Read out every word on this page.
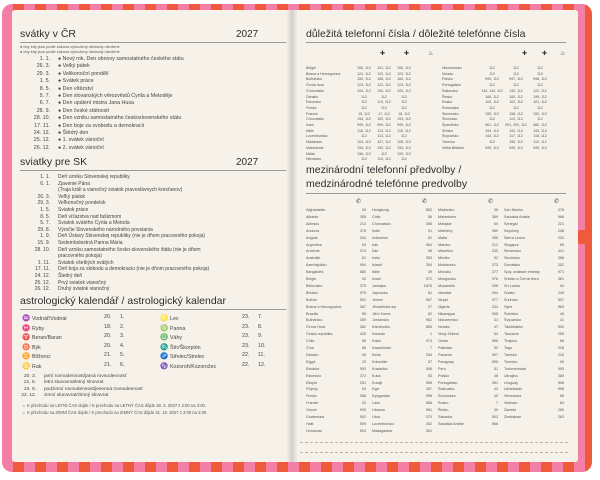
svátky v ČR	2027
● dny kdy jsou podle zákona vyloučeny obchody otevřené
● dny kdy jsou podle zákona vyloučeny obchody otevřené
1. 1. ● Nový rok, Den obnovy samostatného českého státu
26. 3. ● Velký pátek
29. 3. ● Velikonoční pondělí
1. 5. ● Svátek práce
8. 5. ● Den vítězství
5. 7. ● Den slovanských věrozvěstů Cyrila a Metoděje
6. 7. ● Den upálení mistra Jana Husa
28. 9. ● Den české státnosti
28. 10. ● Den vzniku samostatného československého státu
17. 11. ● Den boje za svobodu a demokracii
24. 12. ● Štědrý den
25. 12. ● 1. svátek vánoční
26. 12. ● 2. svátek vánoční
sviatky pre SK	2027
1. 1. Deň vzniku Slovenskej republiky
6. 1. Zjavenie Pána
(Traja králi a vianočný sviatok pravoslávnych kresťanov)
26. 3. Veľký piatok
29. 3. Veľkonočný pondelok
1. 5. Sviatok práce
8. 5. Deň víťazstva nad fašizmom
5. 7. Sviatok svätého Cyrila a Metoda
29. 8. Výročie Slovenského národného povstania
1. 9. Deň Ústavy Slovenskej republiky (nie je dňom pracovného pokoja)
15. 9. Sedembolestná Panna Mária
28. 10. Deň vzniku samostatného česko-slovenského štátu (nie je dňom
pracovného pokoja)
1. 11. Sviatok všetkých svätých
17. 11. Deň boja za slobodu a demokraciu (nie je dňom pracovného pokoja)
24. 12. Štedrý deň
25. 12. Prvý sviatok vianočný
26. 12. Druhý sviatok vianočný
astrologický kalendář / astrologický kalendar
♒ Vodnář/Vodnár	20. 1.
♓ Ryby	18. 2.
♈ Beran/Baran	20. 3.
♉ Býk	20. 4.
♊ Blíženci	21. 5.
♋ Rak	21. 6.
♌ Lev	23. 7.
♍ Panna	23. 8.
♎ Váhy	23. 9.
♏ Štír/Škorpión	23. 10.
♐ Střelec/Strelec	22. 11.
♑ Kozoroh/Kozorožec	22. 12.
20. 3. jarní rovnodennost/jarná rovnodennosť
21. 6. letní slunovrat/letný slnovrat
23. 9. podzimní rovnodennost/jesenná rovnodennosť
22. 12. zimní slunovrat/zimný slnovrat
☼ K přechodu na LETNÍ ČAS dojde / K prechodu na LETNÝ ČAS dôjde 28. 3. 2027 z 2:00 na 3:00.
☼ K přechodu na ZIMNÍ ČAS dojde / K prechodu na ZIMNÝ ČAS dôjde 31. 10. 2027 z 3:00 na 2:00.
důležitá telefonní čísla / dôležité telefónne čísla
✚	✚	♨	✚ ✚ ♨
Belgie	100, 112	101, 112	100, 112
Bosna a Hercegovina	124, 112	122, 112	123, 112
Bulharsko	150, 112	166, 112	160, 112
Černá hora	124, 112	122, 112	123, 112
Chorvatsko	194, 112	192, 112	193, 112
Dánsko	112	112	112
Estonsko	112	110, 112	112
Finsko	112	112	112
Francie	15, 112	17, 112	18, 112
Chorvatsko	194, 112	192, 112	193, 112
Irsko	999, 112	999, 112	999, 112
Itálie	118, 112	113, 112	115, 112
Lucembursko	112	113, 112	112
Maďarsko	104, 112	107, 112	105, 112
Makedonie	194, 112	192, 112	193, 112
Malta	196, 112	112	199, 112
Německo	112	110, 112	112
Nizozemsko	112	112	112
Norsko	113	112	110
Polsko	999, 112	997, 112	998, 112
Portugalsko	112	112	112
Rakousko	144, 144, 112	133, 112	122, 112
Řecko	166, 112	100, 112	199, 112
Rusko	103, 112	102, 112	101, 112
Rumunsko	112	112	112
Slovensko	155, 112	158, 112	150, 112
Slovinsko	112	113, 112	112
Španělsko	061, 112	091, 092, 112	080, 112
Srbsko	194, 112	192, 112	193, 112
Švýcarsko	144, 112	117, 112	118, 112
Turecko	112	155, 112	110, 112
Velká Británie	999, 112	999, 112	999, 112
mezinárodní telefonní předvolby /
medzinárodné telefónne predvolby
✆
Afghánistán	93
Albánie	355
Alžírsko	213
Andorra	376
Angola	244
Argentina	54
Arménie	374
Austrálie	61
Ázerbájdžán	994
Bangladéš	880
Belgie	32
Bělorusko	375
Bhútán	975
Bolívie	591
Bosna a Hercegovina	387
Brazílie	55
Bulharsko	359
Černá Hora	382
Česká republika	420
Chile	56
Čína	86
Dánsko	45
Egypt	20
Ekvádor	593
Estonsko	372
Etiopie	251
Filipíny	63
Finsko	358
Francie	33
Gruzie	995
Guatemala	502
Haiti	509
Honduras	504
✆
Hongkong	852
Chile	56
Chorvatsko	385
Indie	91
Indonésie	62
Irák	964
Írán	98
Irsko	353
Island	354
Itálie	39
Izrael	972
Jamajka	1876
Japonsko	81
Jemen	967
Jihoafrická rep.	27
Jižní Korea	82
Jordánsko	962
Kambodža	855
Kanada	1
Katar	974
Kazachstán	7
Keňa	254
Kolumbie	57
Kostarika	506
Kuba	53
Kuvajt	965
Kypr	357
Kyrgyzstán	996
Laos	856
Libanon	961
Litva	370
Lucembursko	352
Madagaskar	261
✆
Maďarsko	36
Makedonie	389
Malajsie	60
Maledivy	960
Malta	356
Maroko	212
Mauritius	230
Mexiko	52
Moldavsko	373
Monako	377
Mongolsko	976
Mosambik	258
Namibie	264
Nepál	977
Nigérie	234
Nikaragua	505
Nizozemsko	31
Norsko	47
Nový Zéland	64
Omán	968
Pákistán	92
Panama	507
Paraguay	595
Peru	51
Polsko	48
Portugalsko	351
Rakousko	43
Rumunsko	40
Rusko	7
Řecko	30
Salvador	503
Saúdská Arábie	966
✆
San Marino	378
Saúdská Arábie	966
Senegal	221
Seychely	248
Sierra Leone	232
Singapur	65
Slovensko	421
Slovinsko	386
Somálsko	252
Spoj. arabské emiráty	971
Srbsko a Černá Hora	381
Srí Lanka	94
Súdán	249
Surinam	597
Sýrie	963
Švédsko	46
Švýcarsko	41
Tádžikistán	992
Tanzanie	255
Thajsko	66
Togo	228
Tunisko	216
Turecko	90
Turkmenistán	993
Ukrajina	380
Uruguay	598
Uzbekistán	998
Venezuela	58
Vietnam	84
Zambie	260
Zimbabwe	263
